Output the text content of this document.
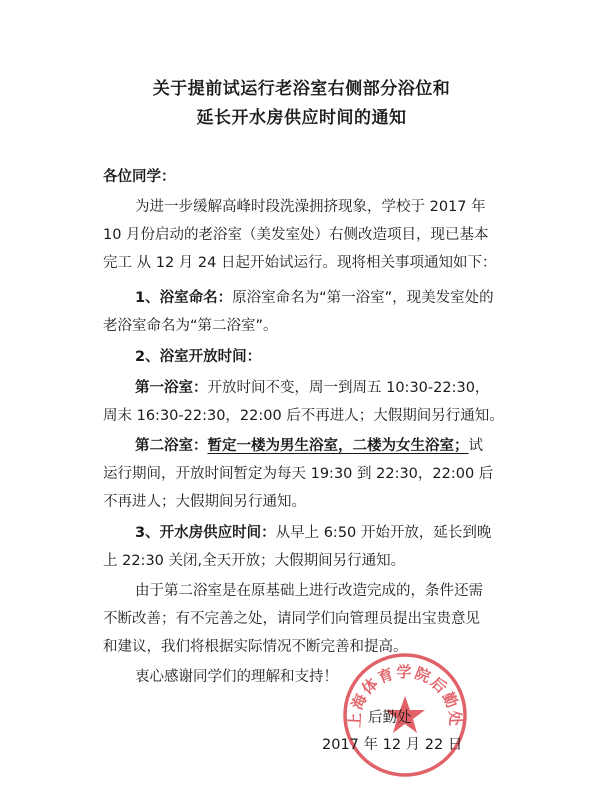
关于提前试运行老浴室右侧部分浴位和
延长开水房供应时间的通知
各位同学：
为进一步缓解高峰时段洗澡拥挤现象，学校于 2017 年
10 月份启动的老浴室（美发室处）右侧改造项目，现已基本
完工 从 12 月 24 日起开始试运行。现将相关事项通知如下：
1、浴室命名：原浴室命名为“第一浴室”，现美发室处的
老浴室命名为“第二浴室”。
2、浴室开放时间：
第一浴室：开放时间不变，周一到周五 10:30-22:30，
周末 16:30-22:30，22:00 后不再进人；大假期间另行通知。
第二浴室：暂定一楼为男生浴室，二楼为女生浴室；试
运行期间，开放时间暂定为每天 19:30 到 22:30，22:00 后
不再进人；大假期间另行通知。
3、开水房供应时间：从早上 6:50 开始开放，延长到晚
上 22:30 关闭,全天开放；大假期间另行通知。
由于第二浴室是在原基础上进行改造完成的，条件还需
不断改善；有不完善之处，请同学们向管理员提出宝贵意见
和建议，我们将根据实际情况不断完善和提高。
衷心感谢同学们的理解和支持！
上海体育学院后勤处
后勤处
2017 年 12 月 22 日
